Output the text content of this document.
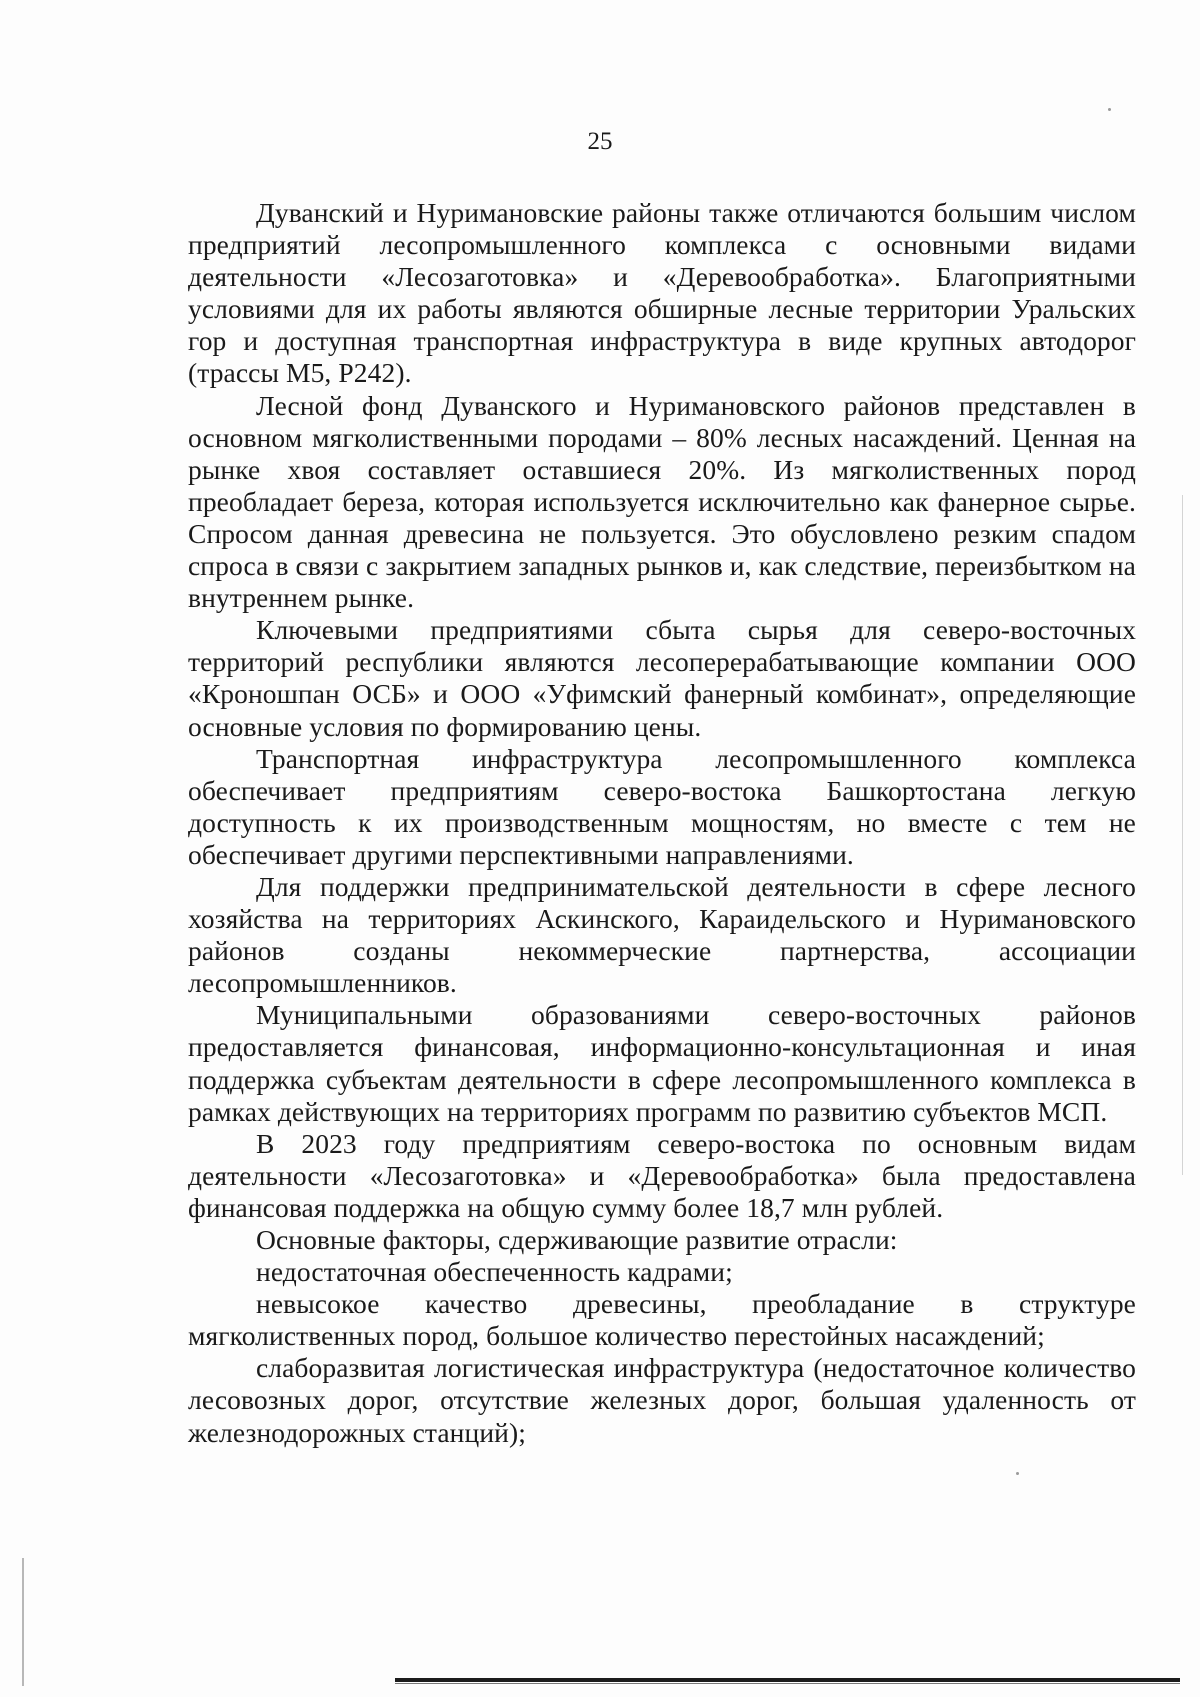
25

Дуванский и Нуримановские районы также отличаются большим числом предприятий лесопромышленного комплекса с основными видами деятельности «Лесозаготовка» и «Деревообработка». Благоприятными условиями для их работы являются обширные лесные территории Уральских гор и доступная транспортная инфраструктура в виде крупных автодорог (трассы М5, Р242).

Лесной фонд Дуванского и Нуримановского районов представлен в основном мягколиственными породами – 80% лесных насаждений. Ценная на рынке хвоя составляет оставшиеся 20%. Из мягколиственных пород преобладает береза, которая используется исключительно как фанерное сырье. Спросом данная древесина не пользуется. Это обусловлено резким спадом спроса в связи с закрытием западных рынков и, как следствие, переизбытком на внутреннем рынке.

Ключевыми предприятиями сбыта сырья для северо-восточных территорий республики являются лесоперерабатывающие компании ООО «Кроношпан ОСБ» и ООО «Уфимский фанерный комбинат», определяющие основные условия по формированию цены.

Транспортная инфраструктура лесопромышленного комплекса обеспечивает предприятиям северо-востока Башкортостана легкую доступность к их производственным мощностям, но вместе с тем не обеспечивает другими перспективными направлениями.

Для поддержки предпринимательской деятельности в сфере лесного хозяйства на территориях Аскинского, Караидельского и Нуримановского районов созданы некоммерческие партнерства, ассоциации лесопромышленников.

Муниципальными образованиями северо-восточных районов предоставляется финансовая, информационно-консультационная и иная поддержка субъектам деятельности в сфере лесопромышленного комплекса в рамках действующих на территориях программ по развитию субъектов МСП.

В 2023 году предприятиям северо-востока по основным видам деятельности «Лесозаготовка» и «Деревообработка» была предоставлена финансовая поддержка на общую сумму более 18,7 млн рублей.

Основные факторы, сдерживающие развитие отрасли:

недостаточная обеспеченность кадрами;

невысокое качество древесины, преобладание в структуре мягколиственных пород, большое количество перестойных насаждений;

слаборазвитая логистическая инфраструктура (недостаточное количество лесовозных дорог, отсутствие железных дорог, большая удаленность от железнодорожных станций);
